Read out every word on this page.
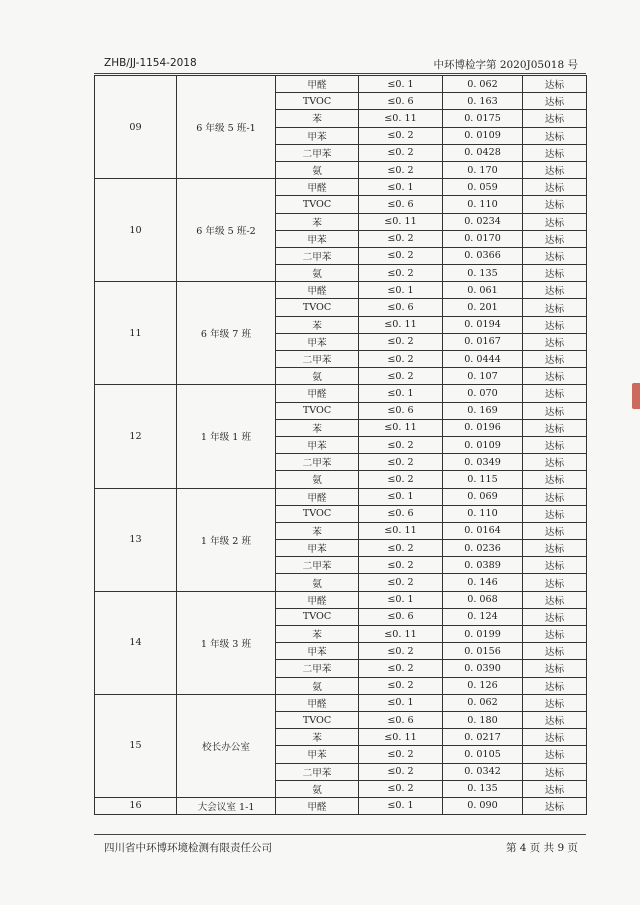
ZHB/JJ-1154-2018	中环博检字第 2020J05018 号
09	6 年级 5 班-1	甲醛	≤0. 1	0. 062	达标
		TVOC	≤0. 6	0. 163	达标
		苯	≤0. 11	0. 0175	达标
		甲苯	≤0. 2	0. 0109	达标
		二甲苯	≤0. 2	0. 0428	达标
		氨	≤0. 2	0. 170	达标
10	6 年级 5 班-2	甲醛	≤0. 1	0. 059	达标
		TVOC	≤0. 6	0. 110	达标
		苯	≤0. 11	0. 0234	达标
		甲苯	≤0. 2	0. 0170	达标
		二甲苯	≤0. 2	0. 0366	达标
		氨	≤0. 2	0. 135	达标
11	6 年级 7 班	甲醛	≤0. 1	0. 061	达标
		TVOC	≤0. 6	0. 201	达标
		苯	≤0. 11	0. 0194	达标
		甲苯	≤0. 2	0. 0167	达标
		二甲苯	≤0. 2	0. 0444	达标
		氨	≤0. 2	0. 107	达标
12	1 年级 1 班	甲醛	≤0. 1	0. 070	达标
		TVOC	≤0. 6	0. 169	达标
		苯	≤0. 11	0. 0196	达标
		甲苯	≤0. 2	0. 0109	达标
		二甲苯	≤0. 2	0. 0349	达标
		氨	≤0. 2	0. 115	达标
13	1 年级 2 班	甲醛	≤0. 1	0. 069	达标
		TVOC	≤0. 6	0. 110	达标
		苯	≤0. 11	0. 0164	达标
		甲苯	≤0. 2	0. 0236	达标
		二甲苯	≤0. 2	0. 0389	达标
		氨	≤0. 2	0. 146	达标
14	1 年级 3 班	甲醛	≤0. 1	0. 068	达标
		TVOC	≤0. 6	0. 124	达标
		苯	≤0. 11	0. 0199	达标
		甲苯	≤0. 2	0. 0156	达标
		二甲苯	≤0. 2	0. 0390	达标
		氨	≤0. 2	0. 126	达标
15	校长办公室	甲醛	≤0. 1	0. 062	达标
		TVOC	≤0. 6	0. 180	达标
		苯	≤0. 11	0. 0217	达标
		甲苯	≤0. 2	0. 0105	达标
		二甲苯	≤0. 2	0. 0342	达标
		氨	≤0. 2	0. 135	达标
16	大会议室 1-1	甲醛	≤0. 1	0. 090	达标
四川省中环博环境检测有限责任公司	第 4 页 共 9 页
